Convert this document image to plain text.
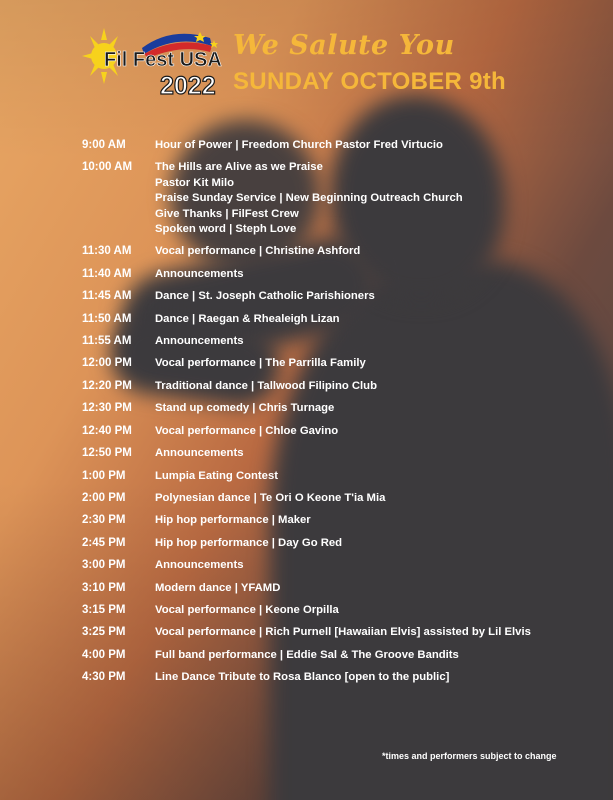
Fil Fest USA
2022
We Salute You
SUNDAY OCTOBER 9th
9:00 AM	Hour of Power | Freedom Church Pastor Fred Virtucio
10:00 AM	The Hills are Alive as we Praise
Pastor Kit Milo
Praise Sunday Service | New Beginning Outreach Church
Give Thanks | FilFest Crew
Spoken word | Steph Love
11:30 AM	Vocal performance | Christine Ashford
11:40 AM	Announcements
11:45 AM	Dance | St. Joseph Catholic Parishioners
11:50 AM	Dance | Raegan & Rhealeigh Lizan
11:55 AM	Announcements
12:00 PM	Vocal performance | The Parrilla Family
12:20 PM	Traditional dance | Tallwood Filipino Club
12:30 PM	Stand up comedy | Chris Turnage
12:40 PM	Vocal performance | Chloe Gavino
12:50 PM	Announcements
1:00 PM	Lumpia Eating Contest
2:00 PM	Polynesian dance | Te Ori O Keone T'ia Mia
2:30 PM	Hip hop performance | Maker
2:45 PM	Hip hop performance | Day Go Red
3:00 PM	Announcements
3:10 PM	Modern dance | YFAMD
3:15 PM	Vocal performance | Keone Orpilla
3:25 PM	Vocal performance | Rich Purnell [Hawaiian Elvis] assisted by Lil Elvis
4:00 PM	Full band performance | Eddie Sal & The Groove Bandits
4:30 PM	Line Dance Tribute to Rosa Blanco [open to the public]
*times and performers subject to change
